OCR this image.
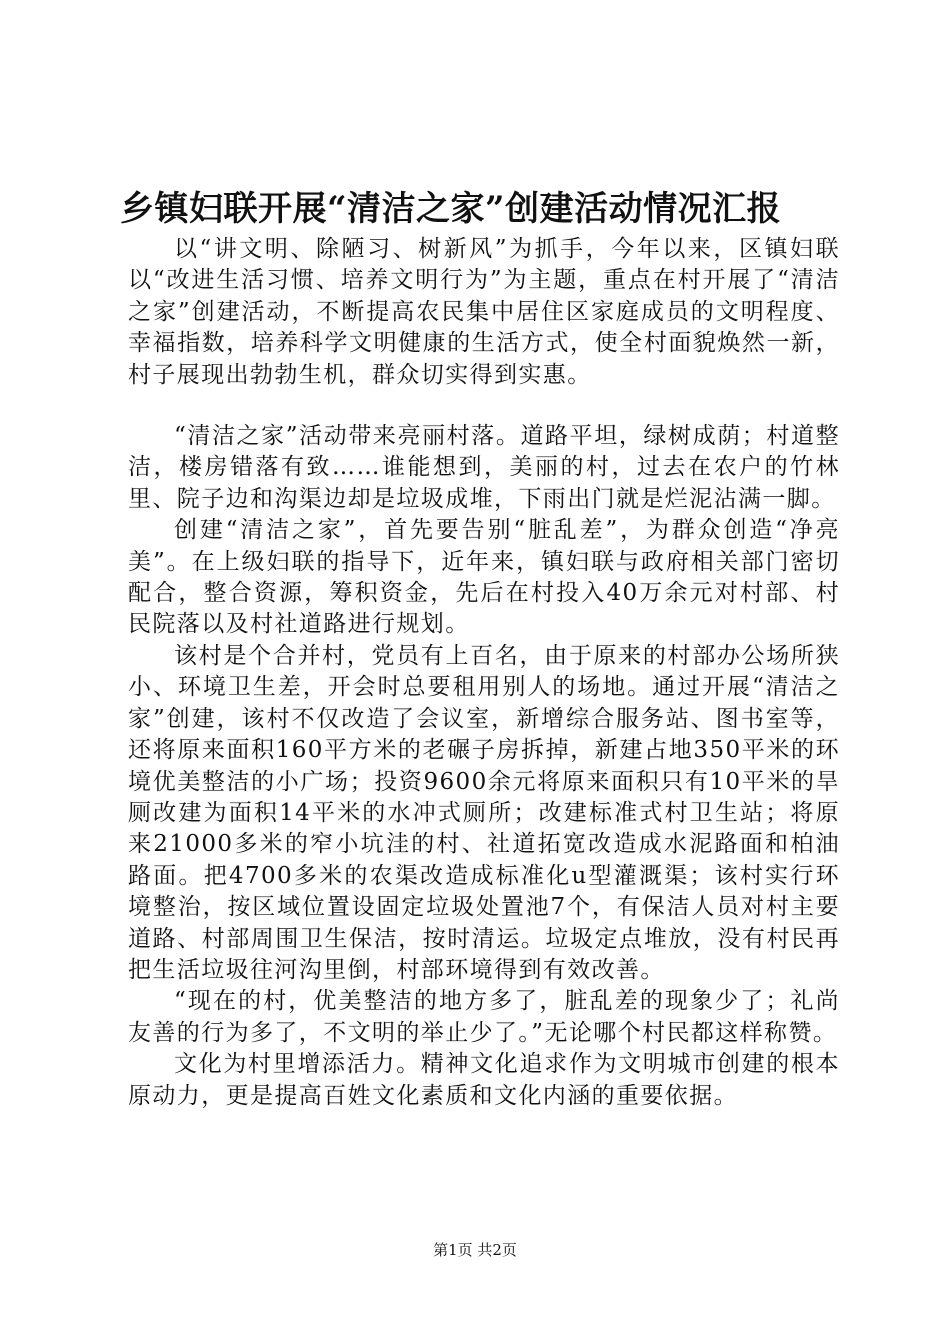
乡镇妇联开展“清洁之家”创建活动情况汇报

以“讲文明、除陋习、树新风”为抓手，今年以来，区镇妇联以“改进生活习惯、培养文明行为”为主题，重点在村开展了“清洁之家”创建活动，不断提高农民集中居住区家庭成员的文明程度、幸福指数，培养科学文明健康的生活方式，使全村面貌焕然一新，村子展现出勃勃生机，群众切实得到实惠。

“清洁之家”活动带来亮丽村落。道路平坦，绿树成荫；村道整洁，楼房错落有致……谁能想到，美丽的村，过去在农户的竹林里、院子边和沟渠边却是垃圾成堆，下雨出门就是烂泥沾满一脚。

创建“清洁之家”，首先要告别“脏乱差”，为群众创造“净亮美”。在上级妇联的指导下，近年来，镇妇联与政府相关部门密切配合，整合资源，筹积资金，先后在村投入40万余元对村部、村民院落以及村社道路进行规划。

该村是个合并村，党员有上百名，由于原来的村部办公场所狭小、环境卫生差，开会时总要租用别人的场地。通过开展“清洁之家”创建，该村不仅改造了会议室，新增综合服务站、图书室等，还将原来面积160平方米的老碾子房拆掉，新建占地350平米的环境优美整洁的小广场；投资9600余元将原来面积只有10平米的旱厕改建为面积14平米的水冲式厕所；改建标准式村卫生站；将原来21000多米的窄小坑洼的村、社道拓宽改造成水泥路面和柏油路面。把4700多米的农渠改造成标准化u型灌溉渠；该村实行环境整治，按区域位置设固定垃圾处置池7个，有保洁人员对村主要道路、村部周围卫生保洁，按时清运。垃圾定点堆放，没有村民再把生活垃圾往河沟里倒，村部环境得到有效改善。

“现在的村，优美整洁的地方多了，脏乱差的现象少了；礼尚友善的行为多了，不文明的举止少了。”无论哪个村民都这样称赞。

文化为村里增添活力。精神文化追求作为文明城市创建的根本原动力，更是提高百姓文化素质和文化内涵的重要依据。

第1页 共2页
